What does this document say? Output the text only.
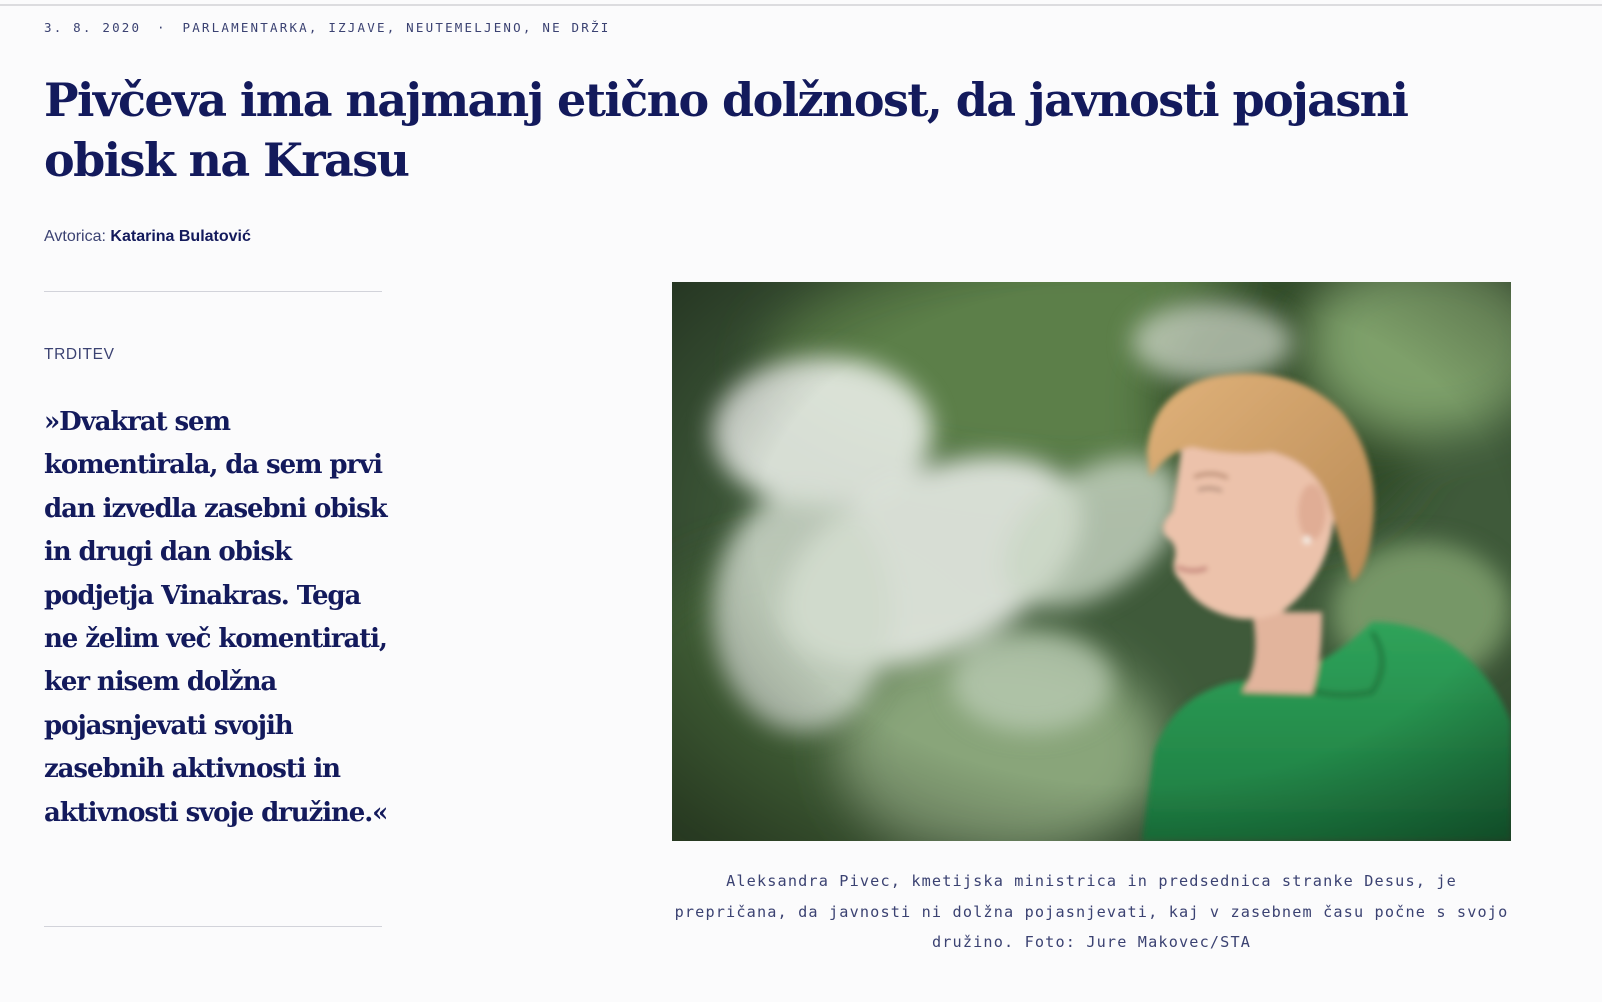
3. 8. 2020 · PARLAMENTARKA, IZJAVE, NEUTEMELJENO, NE DRŽI
Pivčeva ima najmanj etično dolžnost, da javnosti pojasni obisk na Krasu
Avtorica: Katarina Bulatović
TRDITEV

»Dvakrat sem komentirala, da sem prvi dan izvedla zasebni obisk in drugi dan obisk podjetja Vinakras. Tega ne želim več komentirati, ker nisem dolžna pojasnjevati svojih zasebnih aktivnosti in aktivnosti svoje družine.«

Aleksandra Pivec, kmetijska ministrica in predsednica stranke Desus, je prepričana, da javnosti ni dolžna pojasnjevati, kaj v zasebnem času počne s svojo družino. Foto: Jure Makovec/STA
